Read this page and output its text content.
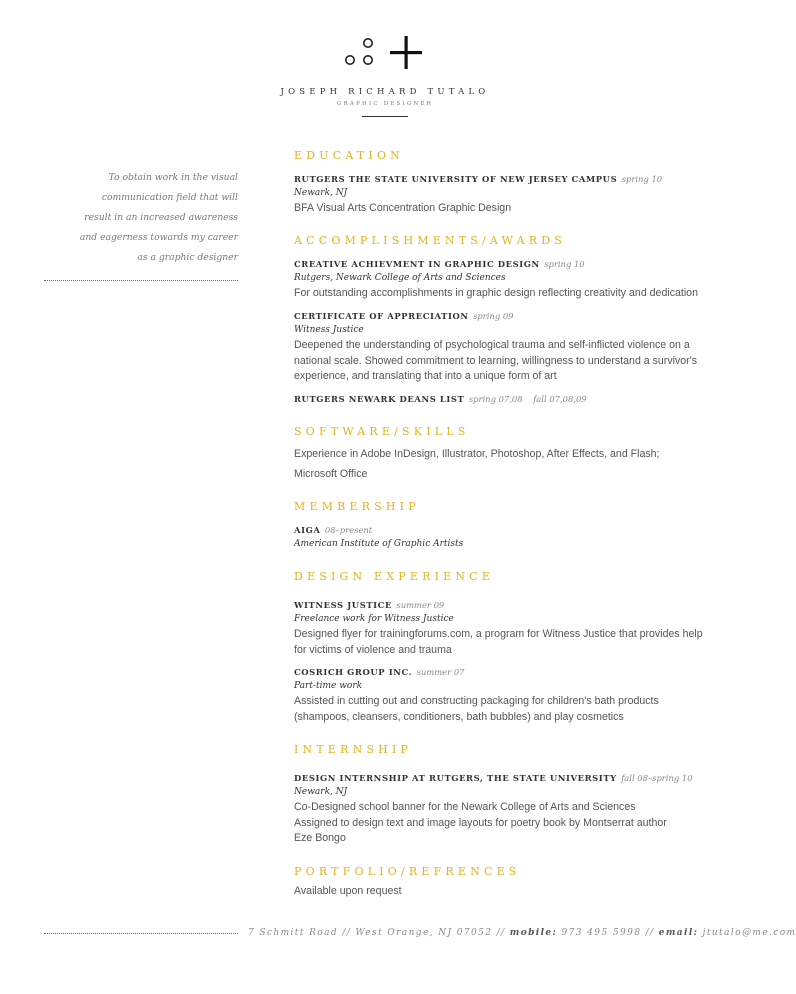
JOSEPH RICHARD TUTALO
GRAPHIC DESIGNER
To obtain work in the visual
communication field that will
result in an increased awareness
and eagerness towards my career
as a graphic designer
EDUCATION
RUTGERS THE STATE UNIVERSITY OF NEW JERSEY CAMPUS spring 10
Newark, NJ
BFA Visual Arts Concentration Graphic Design
ACCOMPLISHMENTS/AWARDS
CREATIVE ACHIEVMENT IN GRAPHIC DESIGN spring 10
Rutgers, Newark College of Arts and Sciences
For outstanding accomplishments in graphic design reflecting creativity and dedication
CERTIFICATE OF APPRECIATION spring 09
Witness Justice
Deepened the understanding of psychological trauma and self-inflicted violence on a
national scale. Showed commitment to learning, willingness to understand a survivor's
experience, and translating that into a unique form of art
RUTGERS NEWARK DEANS LIST spring 07,08    fall 07,08,09
SOFTWARE/SKILLS
Experience in Adobe InDesign, Illustrator, Photoshop, After Effects, and Flash;
Microsoft Office
MEMBERSHIP
AIGA 08–present
American Institute of Graphic Artists
DESIGN EXPERIENCE
WITNESS JUSTICE summer 09
Freelance work for Witness Justice
Designed flyer for trainingforums.com, a program for Witness Justice that provides help
for victims of violence and trauma
COSRICH GROUP INC. summer 07
Part-time work
Assisted in cutting out and constructing packaging for children's bath products
(shampoos, cleansers, conditioners, bath bubbles) and play cosmetics
INTERNSHIP
DESIGN INTERNSHIP AT RUTGERS, THE STATE UNIVERSITY fall 08–spring 10
Newark, NJ
Co-Designed school banner for the Newark College of Arts and Sciences
Assigned to design text and image layouts for poetry book by Montserrat author
Eze Bongo
PORTFOLIO/REFRENCES
Available upon request
7 Schmitt Road // West Orange, NJ 07052 // mobile: 973 495 5998 // email: jtutalo@me.com
